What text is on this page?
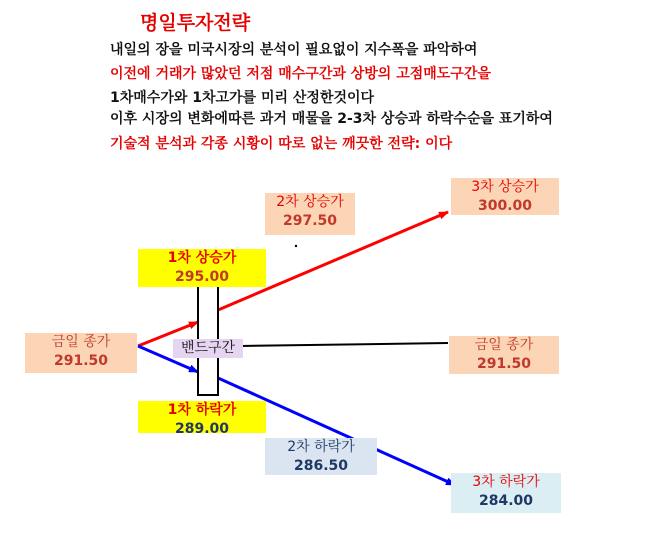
명일투자전략
내일의 장을 미국시장의 분석이 필요없이 지수폭을 파악하여
이전에 거래가 많았던 저점 매수구간과 상방의 고점매도구간을
1차매수가와 1차고가를 미리 산정한것이다
이후 시장의 변화에따른 과거 매물을 2-3차 상승과 하락수순을 표기하여
기술적 분석과 각종 시황이 따로 없는 깨끗한 전략: 이다
2차 상승가
297.50
3차 상승가
300.00
1차 상승가
295.00
금일 종가
291.50
밴드구간	금일 종가
291.50
1차 하락가
289.00
2차 하락가
286.50
3차 하락가
284.00
